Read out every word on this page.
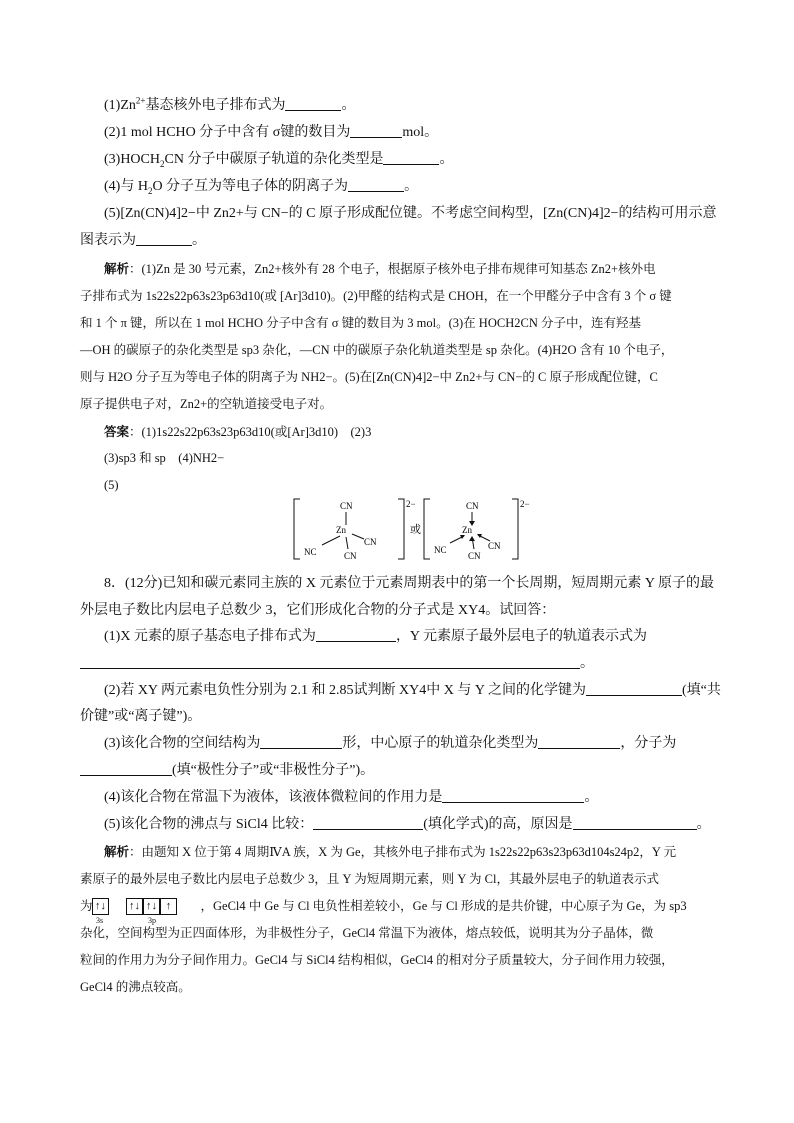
$(1)Zn^{2+}$基态核外电子排布式为	。
(2)1 mol HCHO 分子中含有 σ键的数目为	mol。
$(3)HOCH_2CN$ 分子中碳原子轨道的杂化类型是	。
(4)与 $H_2O$ 分子互为等电子体的阴离子为	。
(5)[Zn(CN)4]2−中 Zn2+与 CN−的 C 原子形成配位键。不考虑空间构型，[Zn(CN)4]2−的结构可用示意
图表示为	。
解析：(1)Zn 是 30 号元素，Zn2+核外有 28 个电子，根据原子核外电子排布规律可知基态 Zn2+核外电
子排布式为 1s22s22p63s23p63d10(或 [Ar]3d10)。(2)甲醛的结构式是 CHOH，在一个甲醛分子中含有 3 个 σ 键
和 1 个 π 键，所以在 1 mol HCHO 分子中含有 σ 键的数目为 3 mol。(3)在 HOCH2CN 分子中，连有羟基
—OH 的碳原子的杂化类型是 sp3 杂化，—CN 中的碳原子杂化轨道类型是 sp 杂化。(4)H2O 含有 10 个电子，
则与 H2O 分子互为等电子体的阴离子为 NH2−。(5)在[Zn(CN)4]2−中 Zn2+与 CN−的 C 原子形成配位键，C
原子提供电子对，Zn2+的空轨道接受电子对。
答案：(1)1s22s22p63s23p63d10(或[Ar]3d10)　(2)3
(3)sp3 和 sp　(4)NH2−
(5)
CN
Zn
NC
CN
CN
2−
或
CN
Zn
NC	CN
CN
2−
8．(12分)已知和碳元素同主族的 X 元素位于元素周期表中的第一个长周期，短周期元素 Y 原子的最
外层电子数比内层电子总数少 3，它们形成化合物的分子式是 XY4。试回答：
(1)X 元素的原子基态电子排布式为	，Y 元素原子最外层电子的轨道表示式为
。
(2)若 XY 两元素电负性分别为 2.1 和 2.85试判断 XY4中 X 与 Y 之间的化学键为	(填“共
价键”或“离子键”)。
(3)该化合物的空间结构为	形，中心原子的轨道杂化类型为	，分子为
(填“极性分子”或“非极性分子”)。
(4)该化合物在常温下为液体，该液体微粒间的作用力是	。
(5)该化合物的沸点与 SiCl4 比较：	(填化学式)的高，原因是	。
解析：由题知 X 位于第 4 周期ⅣA 族，X 为 Ge，其核外电子排布式为 1s22s22p63s23p63d104s24p2，Y 元
素原子的最外层电子数比内层电子总数少 3，且 Y 为短周期元素，则 Y 为 Cl，其最外层电子的轨道表示式
为	，GeCl4 中 Ge 与 Cl 电负性相差较小，Ge 与 Cl 形成的是共价键，中心原子为 Ge，为 sp3
↑↓
3s
↑↓ ↑↓ ↑
3p
杂化，空间构型为正四面体形，为非极性分子，GeCl4 常温下为液体，熔点较低，说明其为分子晶体，微
粒间的作用力为分子间作用力。GeCl4 与 SiCl4 结构相似，GeCl4 的相对分子质量较大，分子间作用力较强，
GeCl4 的沸点较高。
